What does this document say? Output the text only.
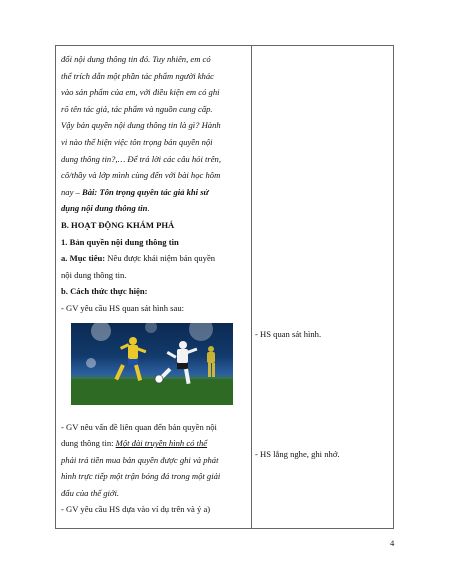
đối nội dung thông tin đó. Tuy nhiên, em có

thể trích dẫn một phần tác phẩm người khác

vào sản phẩm của em, với điều kiện em có ghi

rõ tên tác giả, tác phẩm và nguồn cung cấp.

Vậy bản quyền nội dung thông tin là gì? Hành

vi nào thể hiện việc tôn trọng bản quyền nội

dung thông tin?,… Để trả lời các câu hỏi trên,

cô/thầy và lớp mình cùng đến với bài học hôm

nay – Bài: Tôn trọng quyền tác giả khi sử

dụng nội dung thông tin.

B. HOẠT ĐỘNG KHÁM PHÁ

1. Bản quyền nội dung thông tin

a. Mục tiêu: Nêu được khái niệm bản quyền

nội dung thông tin.

b. Cách thức thực hiện:

- GV yêu cầu HS quan sát hình sau:

- GV nêu vấn đề liên quan đến bản quyền nội

dung thông tin: Một đài truyền hình có thể

phải trả tiền mua bản quyền được ghi và phát

hình trực tiếp một trận bóng đá trong một giải

đấu của thế giới.

- GV yêu cầu HS dựa vào ví dụ trên và ý a)

- HS quan sát hình.

- HS lắng nghe, ghi nhớ.

4
